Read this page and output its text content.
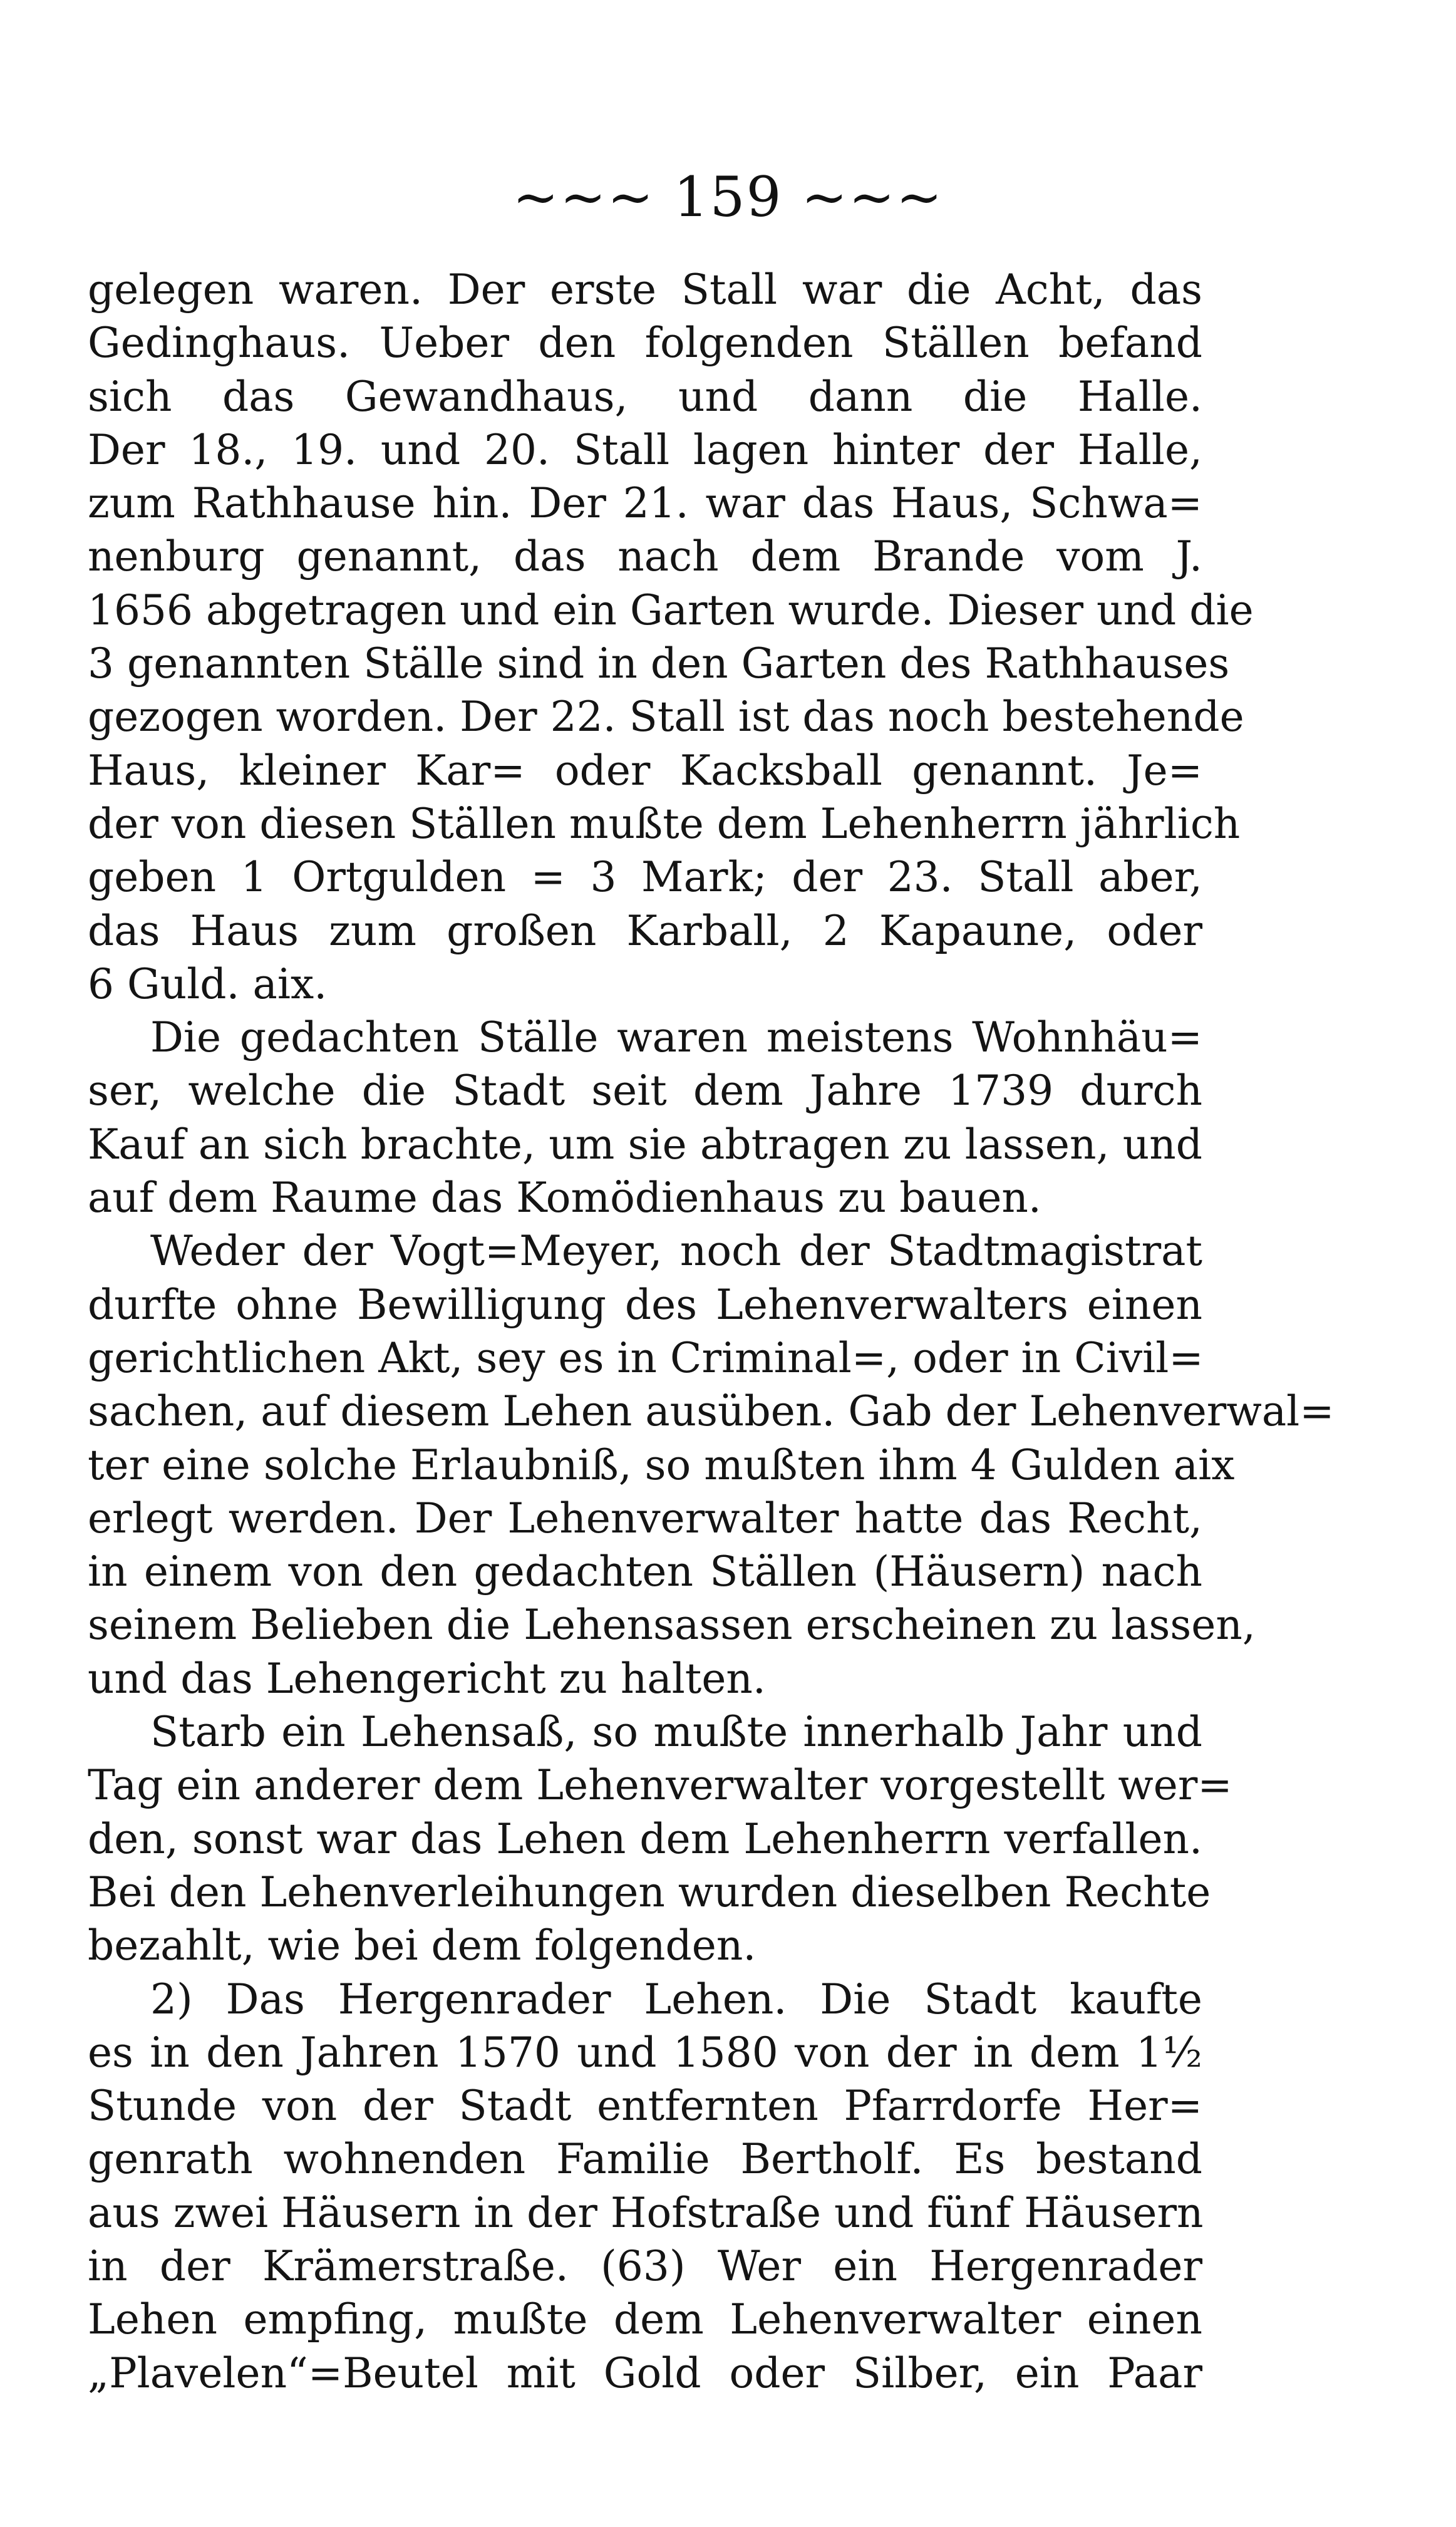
~~~ 159 ~~~
gelegen waren. Der erste Stall war die Acht, das
Gedinghaus. Ueber den folgenden Ställen befand
sich das Gewandhaus, und dann die Halle.
Der 18., 19. und 20. Stall lagen hinter der Halle,
zum Rathhause hin. Der 21. war das Haus, Schwa=
nenburg genannt, das nach dem Brande vom J.
1656 abgetragen und ein Garten wurde. Dieser und die
3 genannten Ställe sind in den Garten des Rathhauses
gezogen worden. Der 22. Stall ist das noch bestehende
Haus, kleiner Kar= oder Kacksball genannt. Je=
der von diesen Ställen mußte dem Lehenherrn jährlich
geben 1 Ortgulden = 3 Mark; der 23. Stall aber,
das Haus zum großen Karball, 2 Kapaune, oder
6 Guld. aix.
Die gedachten Ställe waren meistens Wohnhäu=
ser, welche die Stadt seit dem Jahre 1739 durch
Kauf an sich brachte, um sie abtragen zu lassen, und
auf dem Raume das Komödienhaus zu bauen.
Weder der Vogt=Meyer, noch der Stadtmagistrat
durfte ohne Bewilligung des Lehenverwalters einen
gerichtlichen Akt, sey es in Criminal=, oder in Civil=
sachen, auf diesem Lehen ausüben. Gab der Lehenverwal=
ter eine solche Erlaubniß, so mußten ihm 4 Gulden aix
erlegt werden. Der Lehenverwalter hatte das Recht,
in einem von den gedachten Ställen (Häusern) nach
seinem Belieben die Lehensassen erscheinen zu lassen,
und das Lehengericht zu halten.
Starb ein Lehensaß, so mußte innerhalb Jahr und
Tag ein anderer dem Lehenverwalter vorgestellt wer=
den, sonst war das Lehen dem Lehenherrn verfallen.
Bei den Lehenverleihungen wurden dieselben Rechte
bezahlt, wie bei dem folgenden.
2) Das Hergenrader Lehen. Die Stadt kaufte
es in den Jahren 1570 und 1580 von der in dem 1½
Stunde von der Stadt entfernten Pfarrdorfe Her=
genrath wohnenden Familie Bertholf. Es bestand
aus zwei Häusern in der Hofstraße und fünf Häusern
in der Krämerstraße. (63) Wer ein Hergenrader
Lehen empfing, mußte dem Lehenverwalter einen
„Plavelen“=Beutel mit Gold oder Silber, ein Paar
